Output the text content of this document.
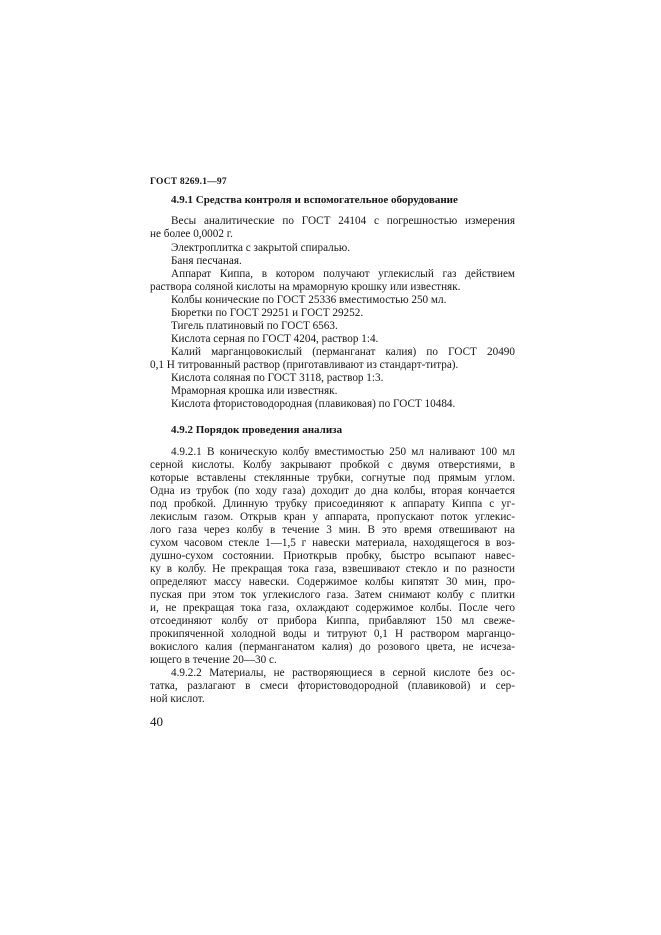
ГОСТ 8269.1—97
4.9.1 Средства контроля и вспомогательное оборудование
Весы аналитические по ГОСТ 24104 с погрешностью измерения
не более 0,0002 г.
Электроплитка с закрытой спиралью.
Баня песчаная.
Аппарат Киппа, в котором получают углекислый газ действием
раствора соляной кислоты на мраморную крошку или известняк.
Колбы конические по ГОСТ 25336 вместимостью 250 мл.
Бюретки по ГОСТ 29251 и ГОСТ 29252.
Тигель платиновый по ГОСТ 6563.
Кислота серная по ГОСТ 4204, раствор 1:4.
Калий марганцовокислый (перманганат калия) по ГОСТ 20490
0,1 Н титрованный раствор (приготавливают из стандарт-титра).
Кислота соляная по ГОСТ 3118, раствор 1:3.
Мраморная крошка или известняк.
Кислота фтористоводородная (плавиковая) по ГОСТ 10484.
4.9.2 Порядок проведения анализа
4.9.2.1 В коническую колбу вместимостью 250 мл наливают 100 мл
серной кислоты. Колбу закрывают пробкой с двумя отверстиями, в
которые вставлены стеклянные трубки, согнутые под прямым углом.
Одна из трубок (по ходу газа) доходит до дна колбы, вторая кончается
под пробкой. Длинную трубку присоединяют к аппарату Киппа с уг-
лекислым газом. Открыв кран у аппарата, пропускают поток углекис-
лого газа через колбу в течение 3 мин. В это время отвешивают на
сухом часовом стекле 1—1,5 г навески материала, находящегося в воз-
душно-сухом состоянии. Приоткрыв пробку, быстро всыпают навес-
ку в колбу. Не прекращая тока газа, взвешивают стекло и по разности
определяют массу навески. Содержимое колбы кипятят 30 мин, про-
пуская при этом ток углекислого газа. Затем снимают колбу с плитки
и, не прекращая тока газа, охлаждают содержимое колбы. После чего
отсоединяют колбу от прибора Киппа, прибавляют 150 мл свеже-
прокипяченной холодной воды и титруют 0,1 Н раствором марганцо-
вокислого калия (перманганатом калия) до розового цвета, не исчеза-
ющего в течение 20—30 с.
4.9.2.2 Материалы, не растворяющиеся в серной кислоте без ос-
татка, разлагают в смеси фтористоводородной (плавиковой) и сер-
ной кислот.
40
